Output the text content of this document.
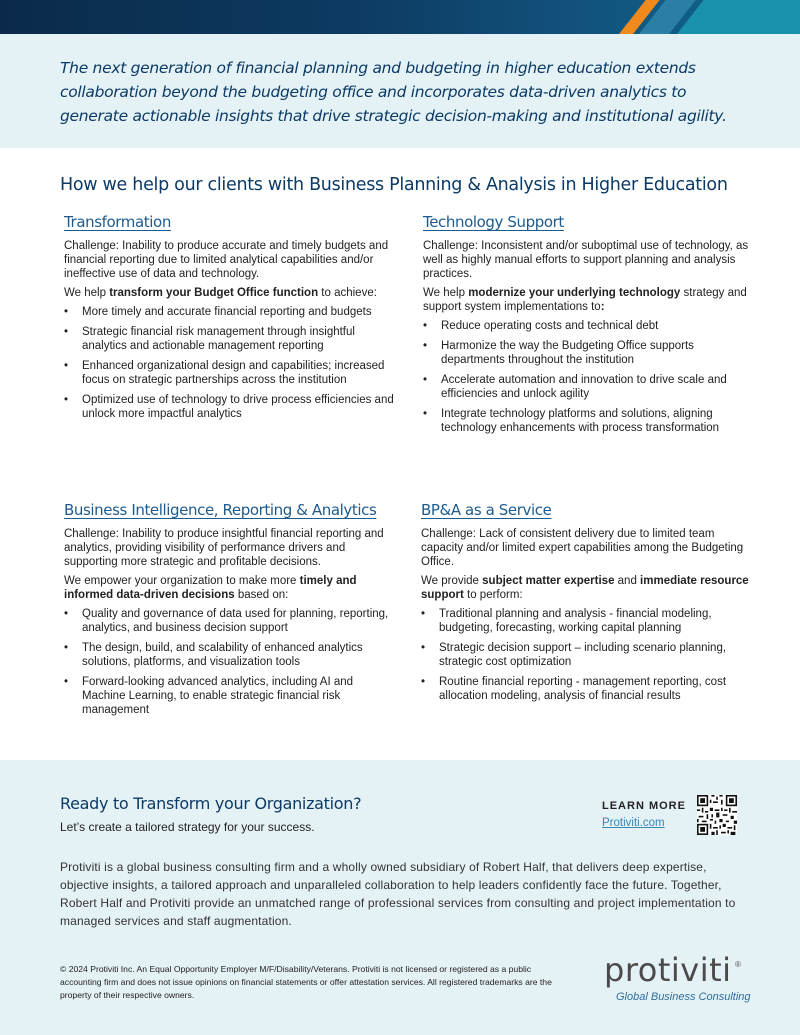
The next generation of financial planning and budgeting in higher education extends collaboration beyond the budgeting office and incorporates data-driven analytics to generate actionable insights that drive strategic decision-making and institutional agility.

How we help our clients with Business Planning & Analysis in Higher Education
Transformation

Challenge: Inability to produce accurate and timely budgets and financial reporting due to limited analytical capabilities and/or ineffective use of data and technology.

We help transform your Budget Office function to achieve:

• More timely and accurate financial reporting and budgets
• Strategic financial risk management through insightful analytics and actionable management reporting
• Enhanced organizational design and capabilities; increased focus on strategic partnerships across the institution
• Optimized use of technology to drive process efficiencies and unlock more impactful analytics
Technology Support

Challenge: Inconsistent and/or suboptimal use of technology, as well as highly manual efforts to support planning and analysis practices.

We help modernize your underlying technology strategy and support system implementations to:

• Reduce operating costs and technical debt
• Harmonize the way the Budgeting Office supports departments throughout the institution
• Accelerate automation and innovation to drive scale and efficiencies and unlock agility
• Integrate technology platforms and solutions, aligning technology enhancements with process transformation
Business Intelligence, Reporting & Analytics

Challenge: Inability to produce insightful financial reporting and analytics, providing visibility of performance drivers and supporting more strategic and profitable decisions.

We empower your organization to make more timely and informed data-driven decisions based on:

• Quality and governance of data used for planning, reporting, analytics, and business decision support
• The design, build, and scalability of enhanced analytics solutions, platforms, and visualization tools
• Forward-looking advanced analytics, including AI and Machine Learning, to enable strategic financial risk management
BP&A as a Service

Challenge: Lack of consistent delivery due to limited team capacity and/or limited expert capabilities among the Budgeting Office.

We provide subject matter expertise and immediate resource support to perform:

• Traditional planning and analysis - financial modeling, budgeting, forecasting, working capital planning
• Strategic decision support – including scenario planning, strategic cost optimization
• Routine financial reporting - management reporting, cost allocation modeling, analysis of financial results
Ready to Transform your Organization?
Let’s create a tailored strategy for your success.
LEARN MORE
Protiviti.com

Protiviti is a global business consulting firm and a wholly owned subsidiary of Robert Half, that delivers deep expertise, objective insights, a tailored approach and unparalleled collaboration to help leaders confidently face the future. Together, Robert Half and Protiviti provide an unmatched range of professional services from consulting and project implementation to managed services and staff augmentation.

© 2024 Protiviti Inc. An Equal Opportunity Employer M/F/Disability/Veterans. Protiviti is not licensed or registered as a public accounting firm and does not issue opinions on financial statements or offer attestation services. All registered trademarks are the property of their respective owners.

protiviti ®
Global Business Consulting
